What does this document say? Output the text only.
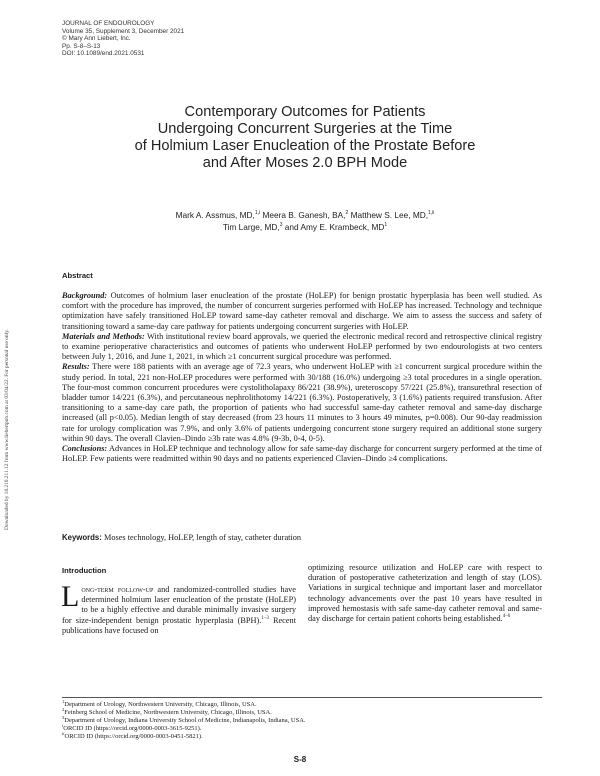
JOURNAL OF ENDOUROLOGY
Volume 35, Supplement 3, December 2021
© Mary Ann Liebert, Inc.
Pp. S-8–S-13
DOI: 10.1089/end.2021.0531
Contemporary Outcomes for Patients
Undergoing Concurrent Surgeries at the Time
of Holmium Laser Enucleation of the Prostate Before
and After Moses 2.0 BPH Mode
Mark A. Assmus, MD,$^{1,i}$ Meera B. Ganesh, BA,$^2$ Matthew S. Lee, MD,$^{1,ii}$
Tim Large, MD,$^3$ and Amy E. Krambeck, $MD^1$
Downloaded by 18.210.211.12 from www.liebertpub.com at 03/04/22. For personal use only.
Abstract

Background: Outcomes of holmium laser enucleation of the prostate (HoLEP) for benign prostatic hyperplasia has been well studied. As comfort with the procedure has improved, the number of concurrent surgeries performed with HoLEP has increased. Technology and technique optimization have safely transitioned HoLEP toward same-day catheter removal and discharge. We aim to assess the success and safety of transitioning toward a same-day care pathway for patients undergoing concurrent surgeries with HoLEP.

Materials and Methods: With institutional review board approvals, we queried the electronic medical record and retrospective clinical registry to examine perioperative characteristics and outcomes of patients who underwent HoLEP performed by two endourologists at two centers between July 1, 2016, and June 1, 2021, in which ≥1 concurrent surgical procedure was performed.

Results: There were 188 patients with an average age of 72.3 years, who underwent HoLEP with ≥1 concurrent surgical procedure within the study period. In total, 221 non-HoLEP procedures were performed with 30/188 (16.0%) undergoing ≥3 total procedures in a single operation. The four-most common concurrent procedures were cystolitholapaxy 86/221 (38.9%), ureteroscopy 57/221 (25.8%), transurethral resection of bladder tumor 14/221 (6.3%), and percutaneous nephrolithotomy 14/221 (6.3%). Postoperatively, 3 (1.6%) patients required transfusion. After transitioning to a same-day care path, the proportion of patients who had successful same-day catheter removal and same-day discharge increased (all p<0.05). Median length of stay decreased (from 23 hours 11 minutes to 3 hours 49 minutes, p=0.008). Our 90-day readmission rate for urology complication was 7.9%, and only 3.6% of patients undergoing concurrent stone surgery required an additional stone surgery within 90 days. The overall Clavien–Dindo ≥3b rate was 4.8% (9-3b, 0-4, 0-5).

Conclusions: Advances in HoLEP technique and technology allow for safe same-day discharge for concurrent surgery performed at the time of HoLEP. Few patients were readmitted within 90 days and no patients experienced Clavien–Dindo ≥4 complications.

Keywords: Moses technology, HoLEP, length of stay, catheter duration
Introduction

Long-term follow-up and randomized-controlled studies have determined holmium laser enucleation of the prostate (HoLEP) to be a highly effective and durable minimally invasive surgery for size-independent benign prostatic hyperplasia (BPH).$^{1-3}$ Recent publications have focused on

optimizing resource utilization and HoLEP care with respect to duration of postoperative catheterization and length of stay (LOS). Variations in surgical technique and important laser and morcellator technology advancements over the past 10 years have resulted in improved hemostasis with safe same-day catheter removal and same-day discharge for certain patient cohorts being established.$^{4-6}$

$^1$Department of Urology, Northwestern University, Chicago, Illinois, USA.
$^2$Feinberg School of Medicine, Northwestern University, Chicago, Illinois, USA.
$^3$Department of Urology, Indiana University School of Medicine, Indianapolis, Indiana, USA.
$^i$ORCID ID (https://orcid.org/0000-0003-3615-9251).
$^{ii}$ORCID ID (https://orcid.org/0000-0003-0451-5821).
S-8
